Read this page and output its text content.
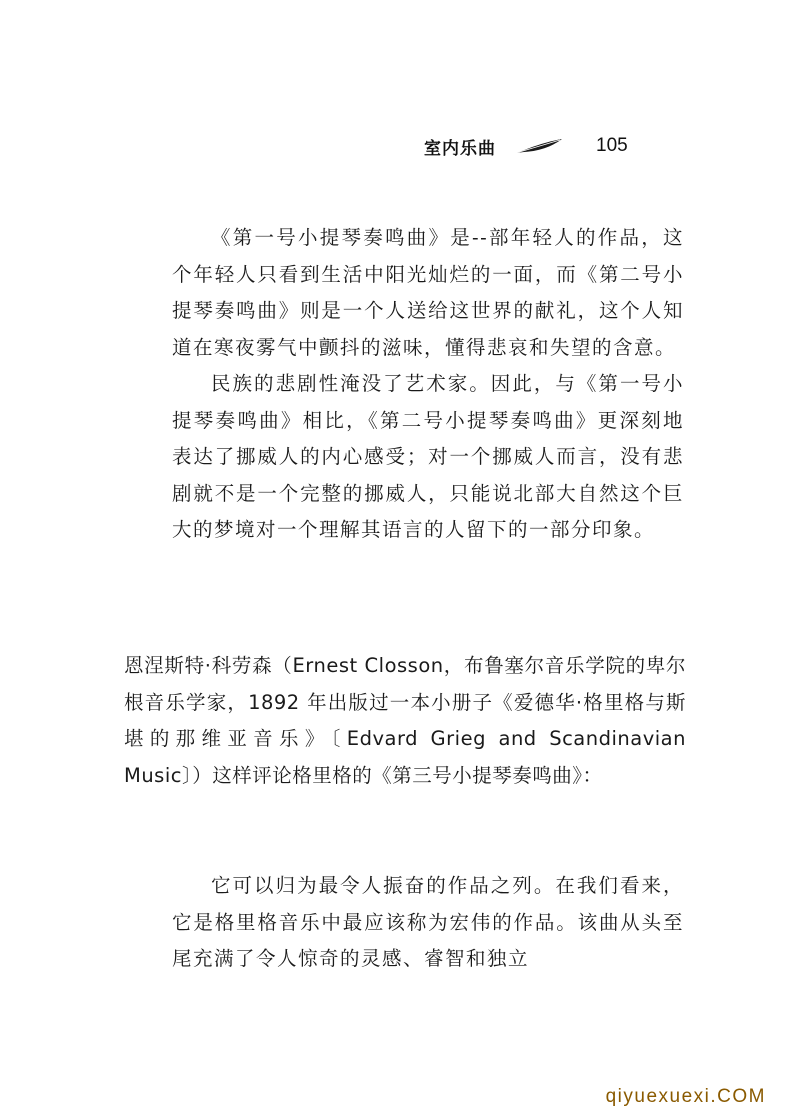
室内乐曲	105

《第一号小提琴奏鸣曲》是--部年轻人的作品，这个年轻人只看到生活中阳光灿烂的一面，而《第二号小提琴奏鸣曲》则是一个人送给这世界的献礼，这个人知道在寒夜雾气中颤抖的滋味，懂得悲哀和失望的含意。

民族的悲剧性淹没了艺术家。因此，与《第一号小提琴奏鸣曲》相比，《第二号小提琴奏鸣曲》更深刻地表达了挪威人的内心感受；对一个挪威人而言，没有悲剧就不是一个完整的挪威人，只能说北部大自然这个巨大的梦境对一个理解其语言的人留下的一部分印象。

恩涅斯特·科劳森（Ernest Closson，布鲁塞尔音乐学院的卑尔根音乐学家，1892 年出版过一本小册子《爱德华·格里格与斯堪的那维亚音乐》〔Edvard Grieg and Scandinavian Music〕）这样评论格里格的《第三号小提琴奏鸣曲》：

它可以归为最令人振奋的作品之列。在我们看来，它是格里格音乐中最应该称为宏伟的作品。该曲从头至尾充满了令人惊奇的灵感、睿智和独立

qiyuexuexi.COM
